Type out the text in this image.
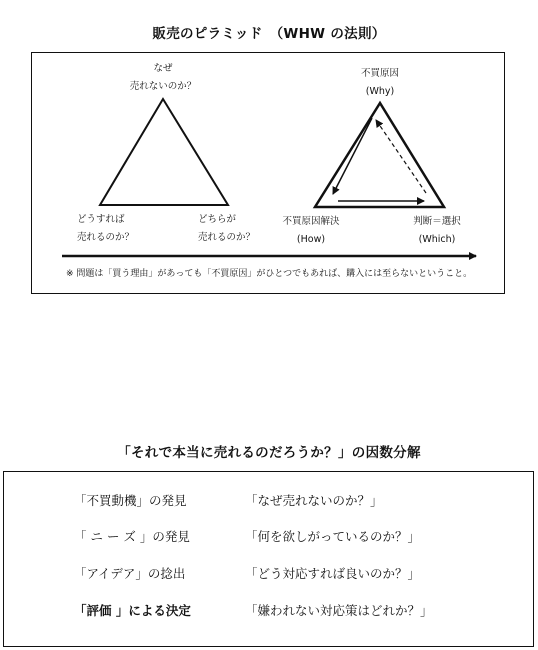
販売のピラミッド　（WHW の法則）
なぜ
売れないのか？
どうすれば
売れるのか？
どちらが
売れるのか？
不買原因
(Why)
不買原因解決
(How)
判断＝選択
(Which)
※ 問題は「買う理由」があっても「不買原因」がひとつでもあれば、購入には至らないということ。
「それで本当に売れるのだろうか？」の因数分解
「不買動機」の発見	「なぜ売れないのか？」
「 ニ ー ズ 」の発見	「何を欲しがっているのか？」
「アイデア」の捻出	「どう対応すれば良いのか？」
「評価 」による決定	「嫌われない対応策はどれか？」
